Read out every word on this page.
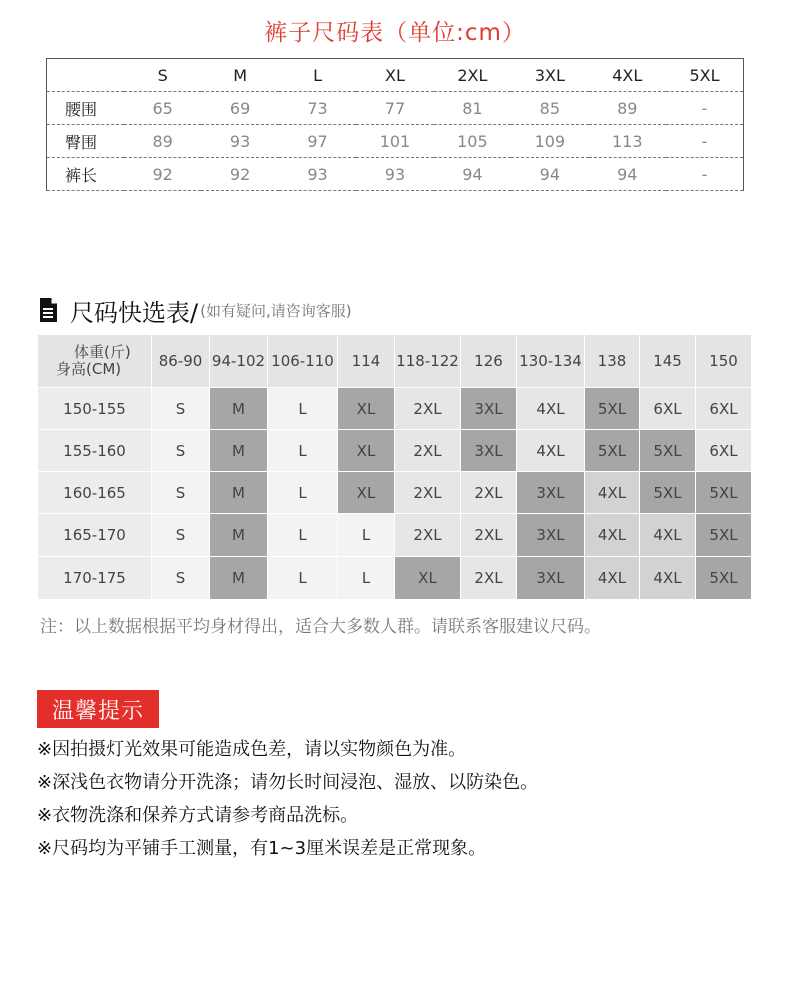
裤子尺码表（单位:cm）
	S	M	L	XL	2XL	3XL	4XL	5XL
腰围	65	69	73	77	81	85	89	-
臀围	89	93	97	101	105	109	113	-
裤长	92	92	93	93	94	94	94	-
尺码快选表/ (如有疑问,请咨询客服)
体重(斤)
身高(CM)	86-90 94-102 106-110	114	118-122	126	130-134	138	145	150
150-155	S	M	L	XL	2XL	3XL	4XL	5XL	6XL	6XL
155-160	S	M	L	XL	2XL	3XL	4XL	5XL	5XL	6XL
160-165	S	M	L	XL	2XL	2XL	3XL	4XL	5XL	5XL
165-170	S	M	L	L	2XL	2XL	3XL	4XL	4XL	5XL
170-175	S	M	L	L	XL	2XL	3XL	4XL	4XL	5XL
注：以上数据根据平均身材得出，适合大多数人群。请联系客服建议尺码。
温馨提示
※因拍摄灯光效果可能造成色差，请以实物颜色为准。
※深浅色衣物请分开洗涤；请勿长时间浸泡、湿放、以防染色。
※衣物洗涤和保养方式请参考商品洗标。
※尺码均为平铺手工测量，有1~3厘米误差是正常现象。
